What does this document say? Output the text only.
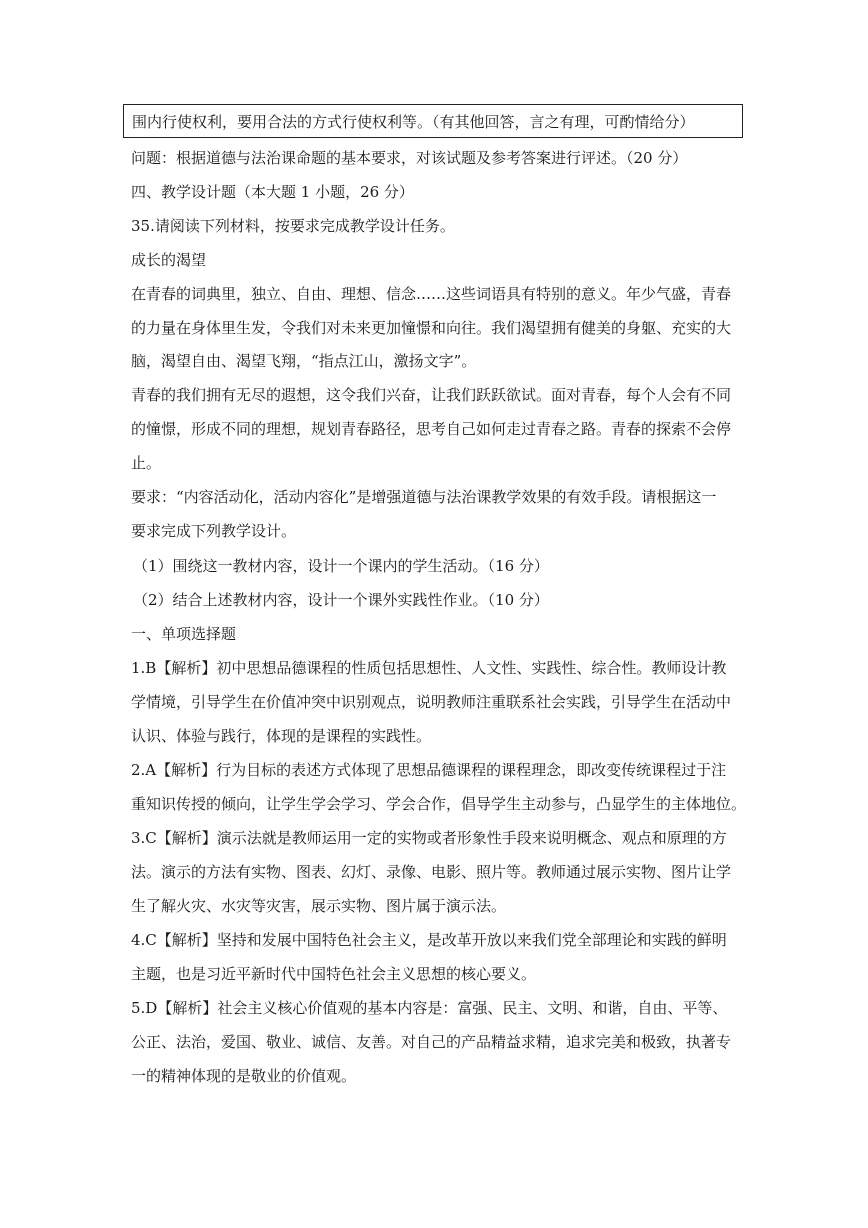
围内行使权利，要用合法的方式行使权利等。（有其他回答，言之有理，可酌情给分）
问题：根据道德与法治课命题的基本要求，对该试题及参考答案进行评述。（20 分）
四、教学设计题（本大题 1 小题，26 分）
35.请阅读下列材料，按要求完成教学设计任务。
成长的渴望
在青春的词典里，独立、自由、理想、信念……这些词语具有特别的意义。年少气盛，青春
的力量在身体里生发，令我们对未来更加憧憬和向往。我们渴望拥有健美的身躯、充实的大
脑，渴望自由、渴望飞翔，“指点江山，激扬文字”。
青春的我们拥有无尽的遐想，这令我们兴奋，让我们跃跃欲试。面对青春，每个人会有不同
的憧憬，形成不同的理想，规划青春路径，思考自己如何走过青春之路。青春的探索不会停
止。
要求：“内容活动化，活动内容化”是增强道德与法治课教学效果的有效手段。请根据这一
要求完成下列教学设计。
（1）围绕这一教材内容，设计一个课内的学生活动。（16 分）
（2）结合上述教材内容，设计一个课外实践性作业。（10 分）
一、单项选择题
1.B【解析】初中思想品德课程的性质包括思想性、人文性、实践性、综合性。教师设计教
学情境，引导学生在价值冲突中识别观点，说明教师注重联系社会实践，引导学生在活动中
认识、体验与践行，体现的是课程的实践性。
2.A【解析】行为目标的表述方式体现了思想品德课程的课程理念，即改变传统课程过于注
重知识传授的倾向，让学生学会学习、学会合作，倡导学生主动参与，凸显学生的主体地位。
3.C【解析】演示法就是教师运用一定的实物或者形象性手段来说明概念、观点和原理的方
法。演示的方法有实物、图表、幻灯、录像、电影、照片等。教师通过展示实物、图片让学
生了解火灾、水灾等灾害，展示实物、图片属于演示法。
4.C【解析】坚持和发展中国特色社会主义，是改革开放以来我们党全部理论和实践的鲜明
主题，也是习近平新时代中国特色社会主义思想的核心要义。
5.D【解析】社会主义核心价值观的基本内容是：富强、民主、文明、和谐，自由、平等、
公正、法治，爱国、敬业、诚信、友善。对自己的产品精益求精，追求完美和极致，执著专
一的精神体现的是敬业的价值观。
